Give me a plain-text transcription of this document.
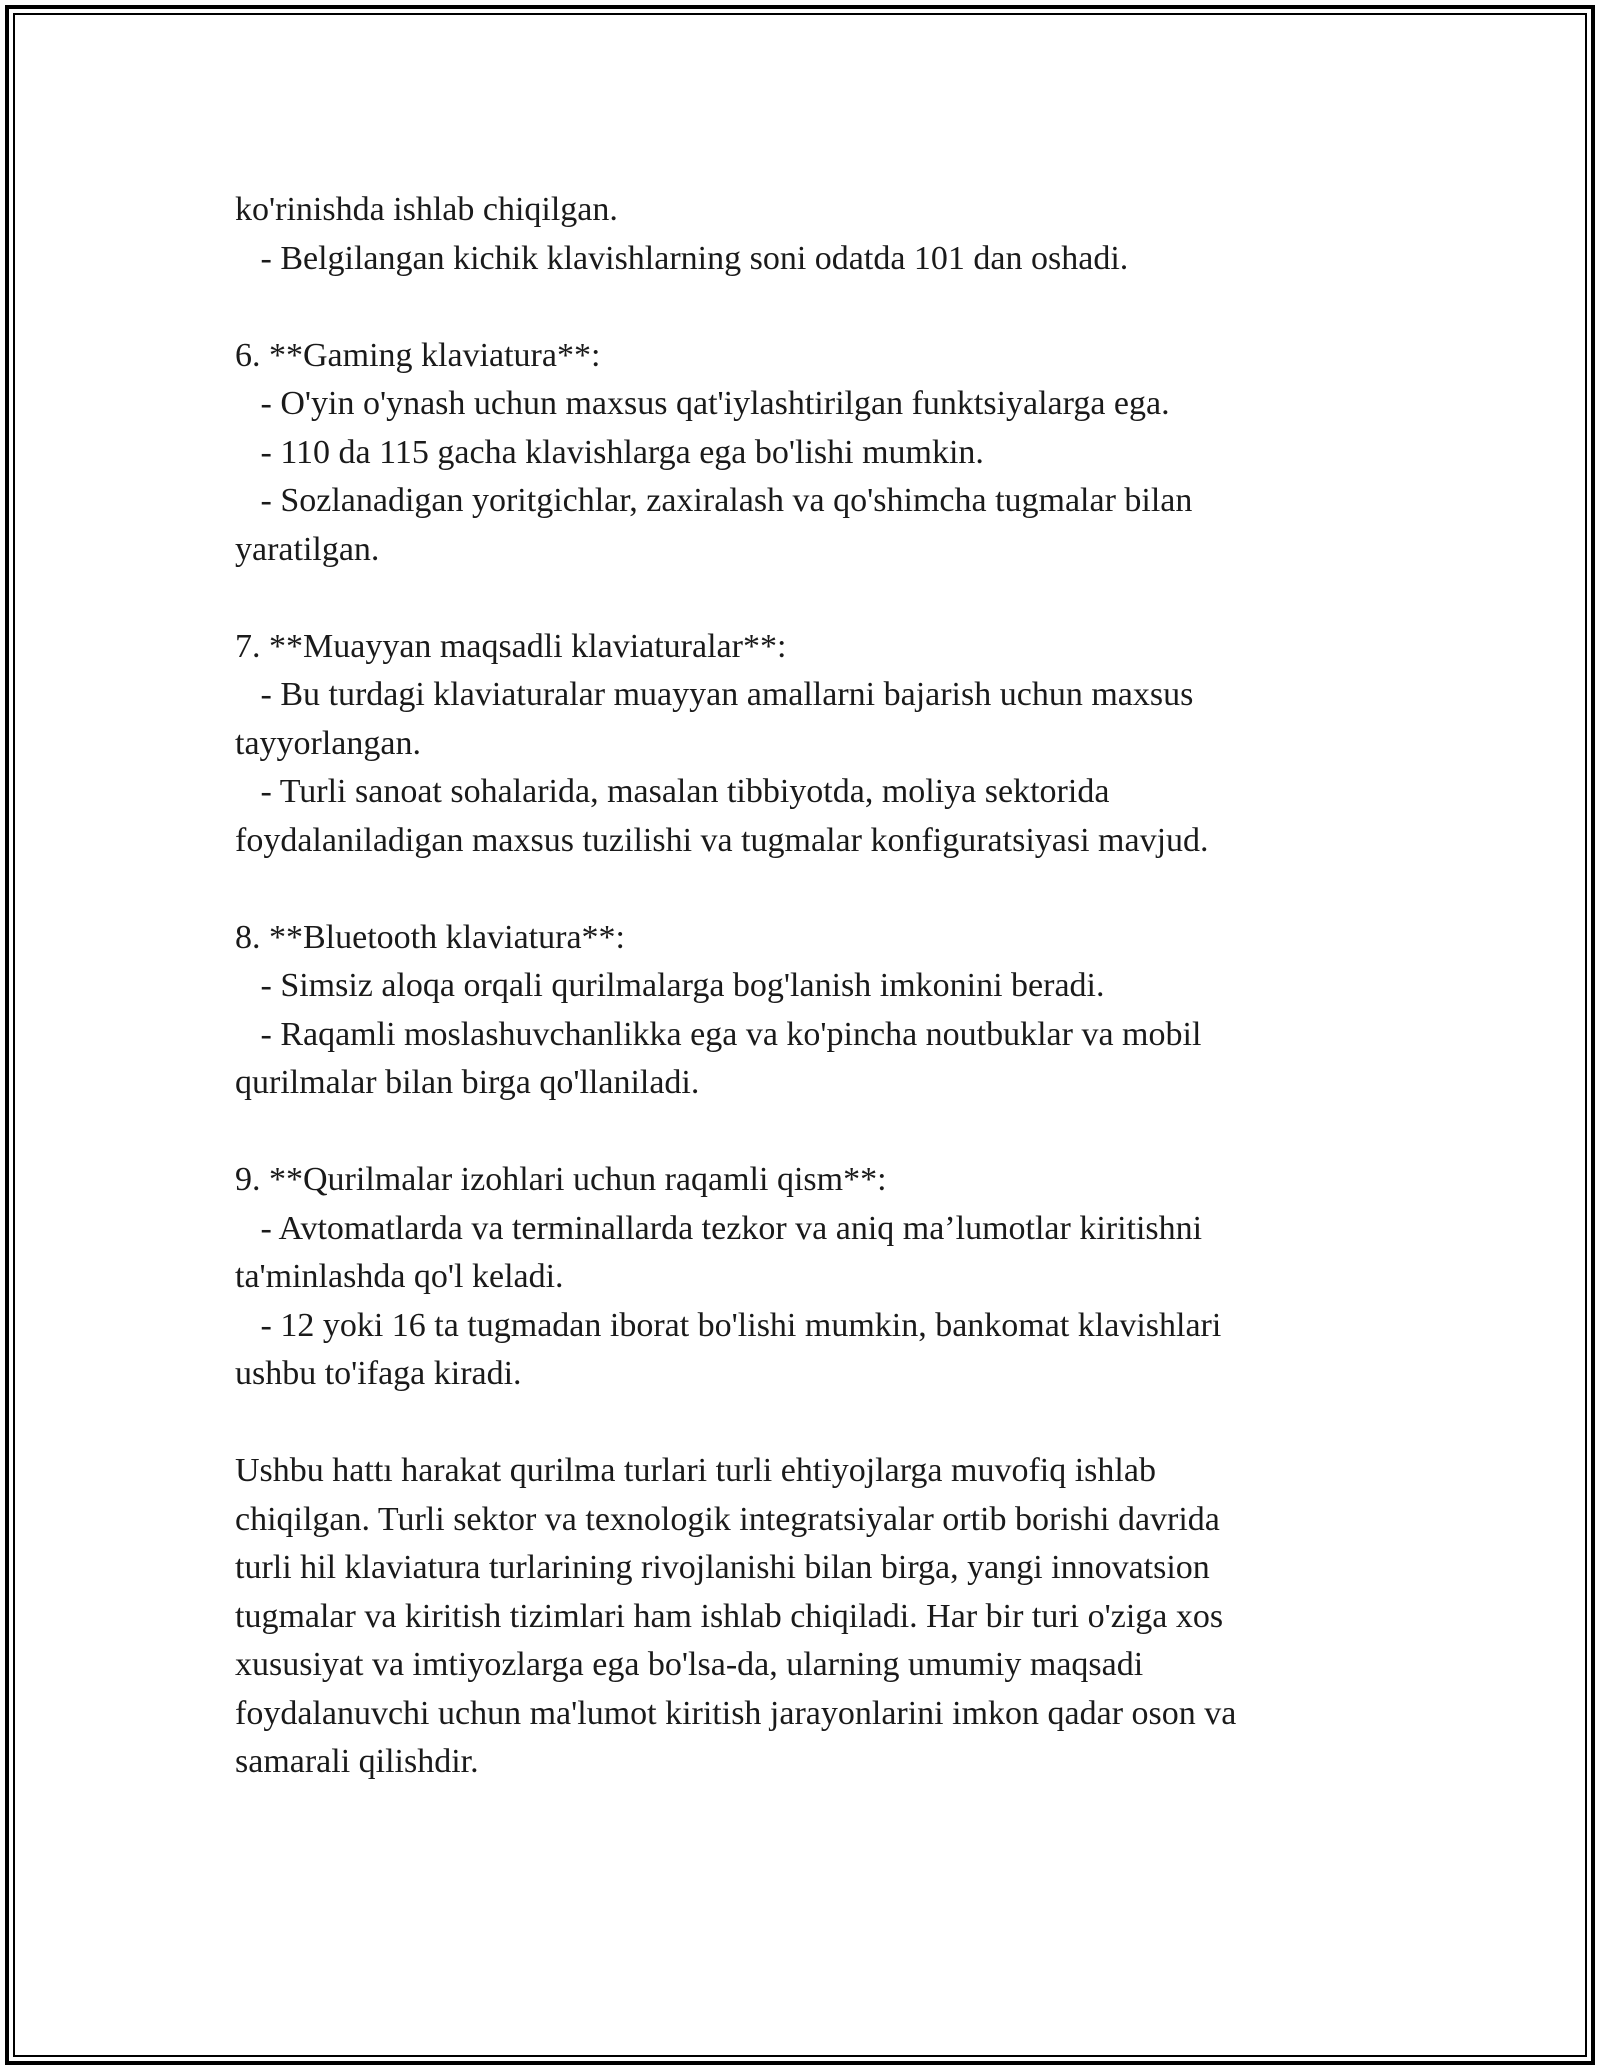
ko'rinishda ishlab chiqilgan.
- Belgilangan kichik klavishlarning soni odatda 101 dan oshadi.
6. **Gaming klaviatura**:
- O'yin o'ynash uchun maxsus qat'iylashtirilgan funktsiyalarga ega.
- 110 da 115 gacha klavishlarga ega bo'lishi mumkin.
- Sozlanadigan yoritgichlar, zaxiralash va qo'shimcha tugmalar bilan
yaratilgan.
7. **Muayyan maqsadli klaviaturalar**:
- Bu turdagi klaviaturalar muayyan amallarni bajarish uchun maxsus
tayyorlangan.
- Turli sanoat sohalarida, masalan tibbiyotda, moliya sektorida
foydalaniladigan maxsus tuzilishi va tugmalar konfiguratsiyasi mavjud.
8. **Bluetooth klaviatura**:
- Simsiz aloqa orqali qurilmalarga bog'lanish imkonini beradi.
- Raqamli moslashuvchanlikka ega va ko'pincha noutbuklar va mobil
qurilmalar bilan birga qo'llaniladi.
9. **Qurilmalar izohlari uchun raqamli qism**:
- Avtomatlarda va terminallarda tezkor va aniq ma’lumotlar kiritishni
ta'minlashda qo'l keladi.
- 12 yoki 16 ta tugmadan iborat bo'lishi mumkin, bankomat klavishlari
ushbu to'ifaga kiradi.
Ushbu hattı harakat qurilma turlari turli ehtiyojlarga muvofiq ishlab
chiqilgan. Turli sektor va texnologik integratsiyalar ortib borishi davrida
turli hil klaviatura turlarining rivojlanishi bilan birga, yangi innovatsion
tugmalar va kiritish tizimlari ham ishlab chiqiladi. Har bir turi o'ziga xos
xususiyat va imtiyozlarga ega bo'lsa-da, ularning umumiy maqsadi
foydalanuvchi uchun ma'lumot kiritish jarayonlarini imkon qadar oson va
samarali qilishdir.
